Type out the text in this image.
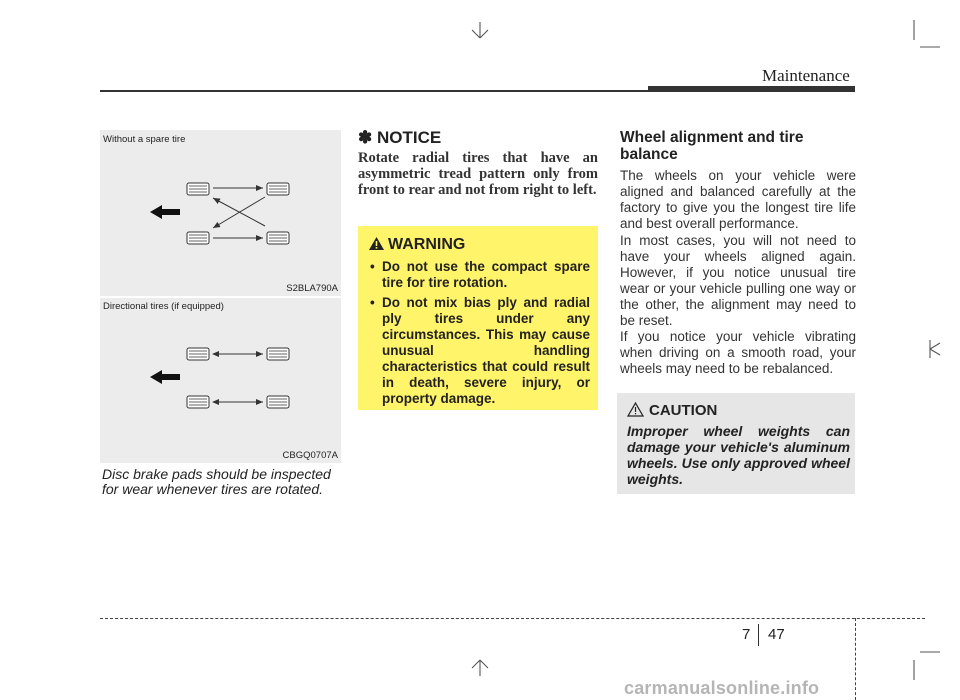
Maintenance
Without a spare tire
S2BLA790A
Directional tires (if equipped)
CBGQ0707A
Disc brake pads should be inspected for wear whenever tires are rotated.
✽ NOTICE
Rotate radial tires that have an asymmetric tread pattern only from front to rear and not from right to left.
WARNING
• Do not use the compact spare tire for tire rotation.
• Do not mix bias ply and radial ply tires under any circumstances. This may cause unusual handling characteristics that could result in death, severe injury, or property damage.
Wheel alignment and tire balance
The wheels on your vehicle were aligned and balanced carefully at the factory to give you the longest tire life and best overall performance.
In most cases, you will not need to have your wheels aligned again. However, if you notice unusual tire wear or your vehicle pulling one way or the other, the alignment may need to be reset.
If you notice your vehicle vibrating when driving on a smooth road, your wheels may need to be rebalanced.
CAUTION
Improper wheel weights can damage your vehicle's aluminum wheels. Use only approved wheel weights.
7 47
carmanualsonline.info
